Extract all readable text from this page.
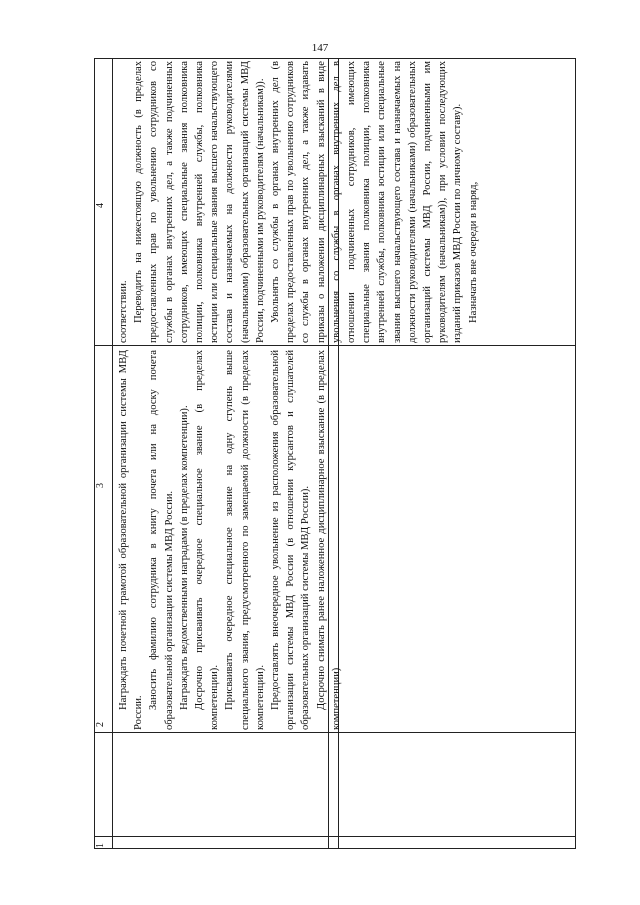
147
1
2
3
4

Награждать почетной грамотой образовательной организации системы МВД России.

Заносить фамилию сотрудника в книгу почета или на доску почета образовательной организации системы МВД России. Награждать ведомственными наградами (в пределах компетенции). Досрочно присваивать очередное специальное звание (в пределах компетенции). Присваивать очередное специальное звание на одну ступень выше специального звания, предусмотренного по замещаемой должности (в пределах компетенции). Предоставлять внеочередное увольнение из расположения образовательной организации системы МВД России (в отношении курсантов и слушателей образовательных организаций системы МВД России). Досрочно снимать ранее наложенное дисциплинарное взыскание (в пределах компетенции)

соответствии. Переводить на нижестоящую должность (в пределах предоставленных прав по увольнению сотрудников со службы в органах внутренних дел, а также подчиненных сотрудников, имеющих специальные звания полковника полиции, полковника внутренней службы, полковника юстиции или специальные звания высшего начальствующего состава и назначаемых на должности руководителями (начальниками) образовательных организаций системы МВД России, подчиненными им руководителям (начальникам)). Увольнять со службы в органах внутренних дел (в пределах предоставленных прав по увольнению сотрудников со службы в органах внутренних дел, а также издавать приказы о наложении дисциплинарных взысканий в виде увольнения со службы в органах внутренних дел в отношении подчиненных сотрудников, имеющих специальные звания полковника полиции, полковника внутренней службы, полковника юстиции или специальные звания высшего начальствующего состава и назначаемых на должности руководителями (начальниками) образовательных организаций системы МВД России, подчиненными им руководителям (начальникам)), при условии последующих изданий приказов МВД России по личному составу). Назначать вне очереди в наряд,
